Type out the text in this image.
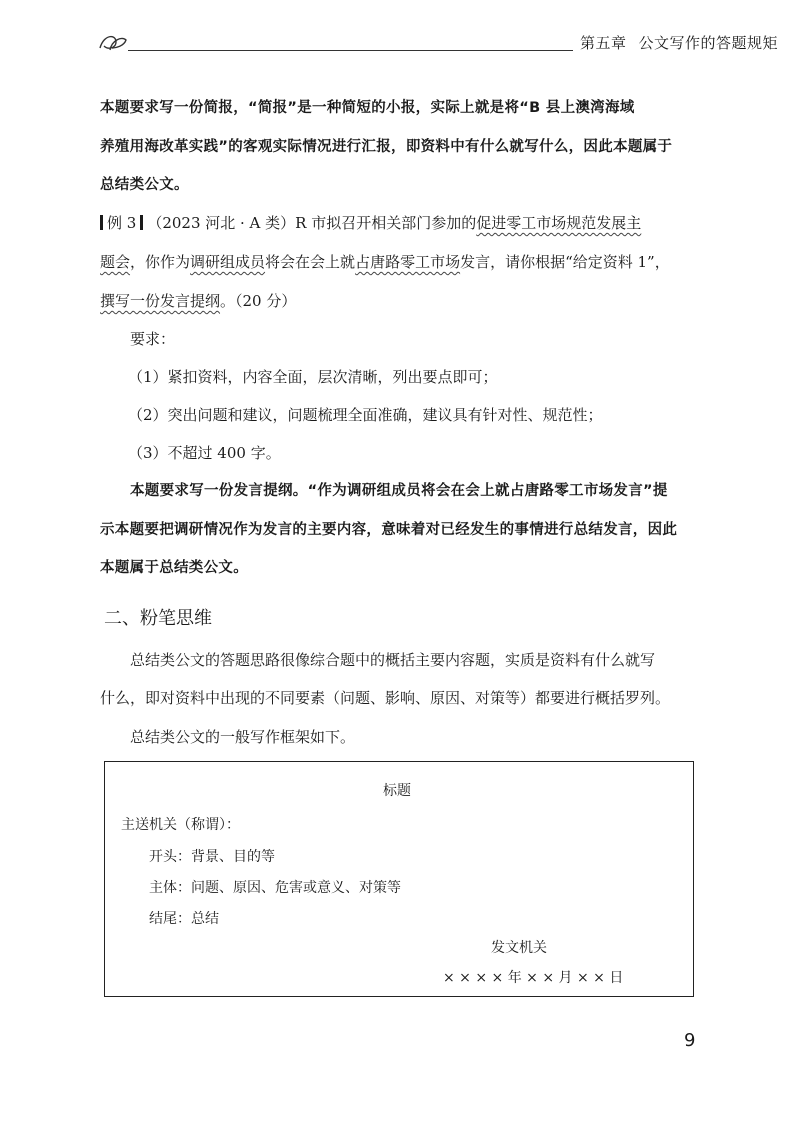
第五章 公文写作的答题规矩
本题要求写一份简报，“简报”是一种简短的小报，实际上就是将“B 县上澳湾海域
养殖用海改革实践”的客观实际情况进行汇报，即资料中有什么就写什么，因此本题属于
总结类公文。
例 3 （2023 河北 · A 类）R 市拟召开相关部门参加的促进零工市场规范发展主
题会，你作为调研组成员将会在会上就占唐路零工市场发言，请你根据“给定资料 1”，
撰写一份发言提纲。（20 分）
要求：
（1）紧扣资料，内容全面，层次清晰，列出要点即可；
（2）突出问题和建议，问题梳理全面准确，建议具有针对性、规范性；
（3）不超过 400 字。
本题要求写一份发言提纲。“作为调研组成员将会在会上就占唐路零工市场发言”提
示本题要把调研情况作为发言的主要内容，意味着对已经发生的事情进行总结发言，因此
本题属于总结类公文。
二、粉笔思维
总结类公文的答题思路很像综合题中的概括主要内容题，实质是资料有什么就写
什么，即对资料中出现的不同要素（问题、影响、原因、对策等）都要进行概括罗列。
总结类公文的一般写作框架如下。
标题
主送机关（称谓）：
开头：背景、目的等
主体：问题、原因、危害或意义、对策等
结尾：总结
发文机关
× × × × 年 × × 月 × × 日
9
